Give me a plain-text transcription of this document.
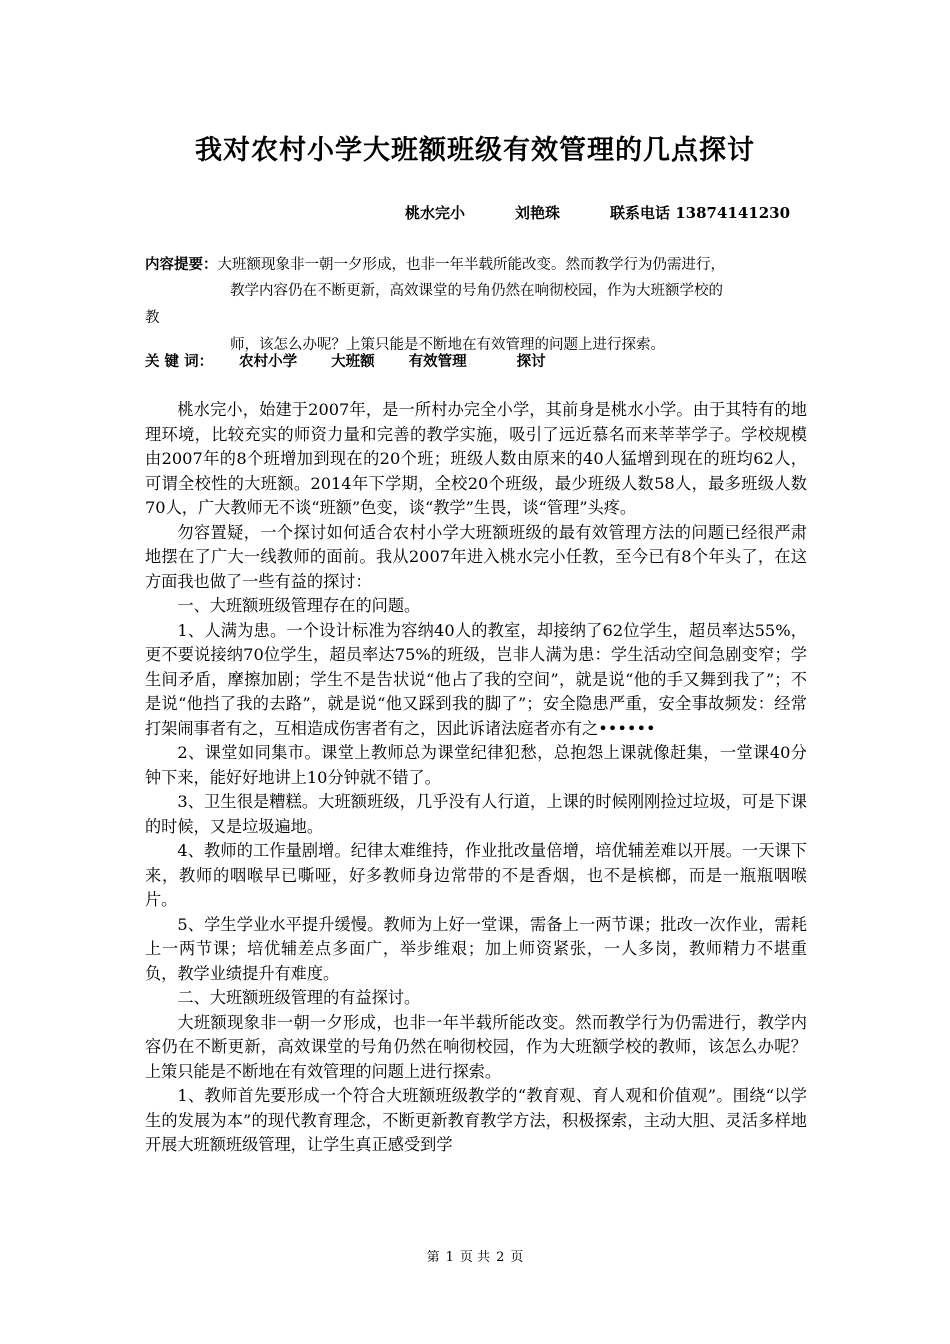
我对农村小学大班额班级有效管理的几点探讨
桃水完小	刘艳珠	联系电话 13874141230
内容提要：大班额现象非一朝一夕形成，也非一年半载所能改变。然而教学行为仍需进行，
教学内容仍在不断更新，高效课堂的号角仍然在响彻校园，作为大班额学校的
教
师，该怎么办呢？上策只能是不断地在有效管理的问题上进行探索。
关 键 词： 农村小学 大班额 有效管理	探讨

桃水完小，始建于2007年，是一所村办完全小学，其前身是桃水小学。由于其特有的地理环境，比较充实的师资力量和完善的教学实施，吸引了远近慕名而来莘莘学子。学校规模由2007年的8个班增加到现在的20个班；班级人数由原来的40人猛增到现在的班均62人，可谓全校性的大班额。2014年下学期，全校20个班级，最少班级人数58人，最多班级人数70人，广大教师无不谈“班额”色变，谈“教学”生畏，谈“管理”头疼。

勿容置疑，一个探讨如何适合农村小学大班额班级的最有效管理方法的问题已经很严肃地摆在了广大一线教师的面前。我从2007年进入桃水完小任教，至今已有8个年头了，在这方面我也做了一些有益的探讨：

一、大班额班级管理存在的问题。

1、人满为患。一个设计标准为容纳40人的教室，却接纳了62位学生，超员率达55%，更不要说接纳70位学生，超员率达75%的班级，岂非人满为患：学生活动空间急剧变窄；学生间矛盾，摩擦加剧；学生不是告状说“他占了我的空间”，就是说“他的手又舞到我了”；不是说“他挡了我的去路”，就是说“他又踩到我的脚了”；安全隐患严重，安全事故频发：经常打架闹事者有之，互相造成伤害者有之，因此诉诸法庭者亦有之••••••

2、课堂如同集市。课堂上教师总为课堂纪律犯愁，总抱怨上课就像赶集，一堂课40分钟下来，能好好地讲上10分钟就不错了。

3、卫生很是糟糕。大班额班级，几乎没有人行道，上课的时候刚刚捡过垃圾，可是下课的时候，又是垃圾遍地。

4、教师的工作量剧增。纪律太难维持，作业批改量倍增，培优辅差难以开展。一天课下来，教师的咽喉早已嘶哑，好多教师身边常带的不是香烟，也不是槟榔，而是一瓶瓶咽喉片。

5、学生学业水平提升缓慢。教师为上好一堂课，需备上一两节课；批改一次作业，需耗上一两节课；培优辅差点多面广，举步维艰；加上师资紧张，一人多岗，教师精力不堪重负，教学业绩提升有难度。

二、大班额班级管理的有益探讨。

大班额现象非一朝一夕形成，也非一年半载所能改变。然而教学行为仍需进行，教学内容仍在不断更新，高效课堂的号角仍然在响彻校园，作为大班额学校的教师，该怎么办呢？上策只能是不断地在有效管理的问题上进行探索。

1、教师首先要形成一个符合大班额班级教学的“教育观、育人观和价值观”。围绕“以学生的发展为本”的现代教育理念，不断更新教育教学方法，积极探索，主动大胆、灵活多样地开展大班额班级管理，让学生真正感受到学

第 1 页 共 2 页
